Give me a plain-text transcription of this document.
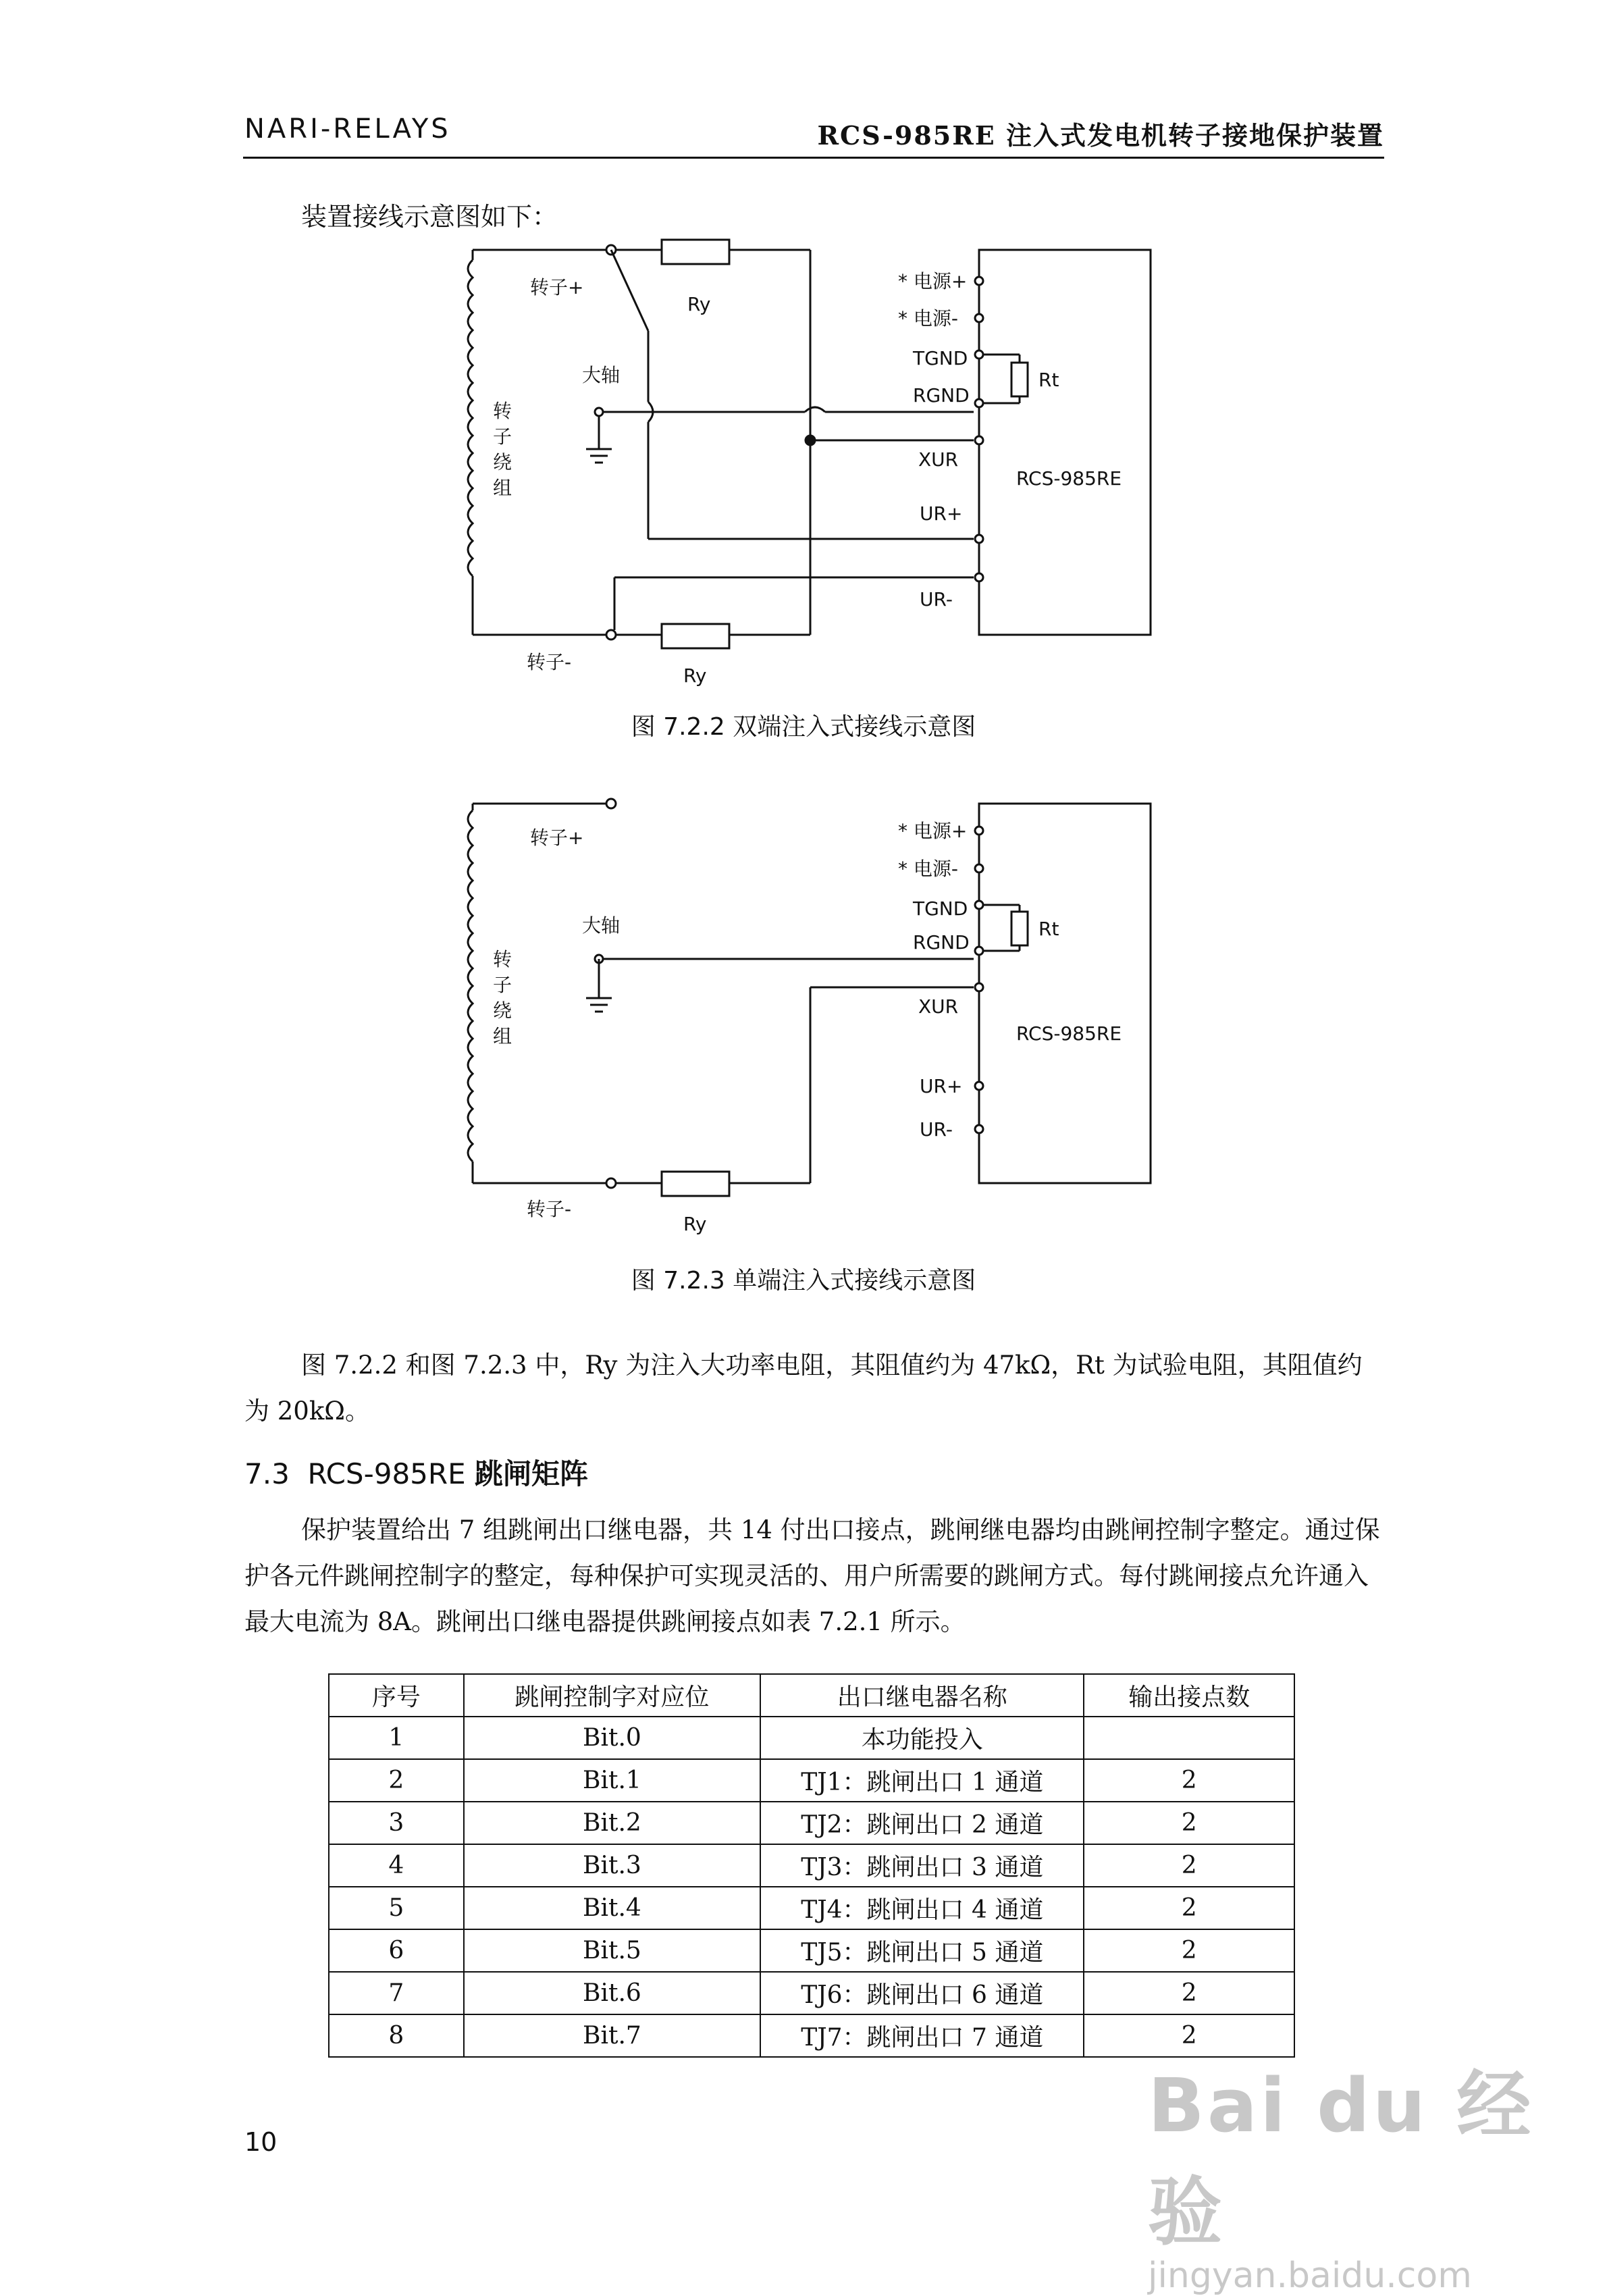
NARI-RELAYS	RCS-985RE 注入式发电机转子接地保护装置
装置接线示意图如下：
转子+
Ry
大轴
转
子
绕
组
转子-
Ry
Rt
RCS-985RE
* 电源+
* 电源-
TGND
RGND
XUR
UR+
UR-
转子+
大轴
转
子
绕
组
转子-
Ry
Rt
RCS-985RE
* 电源+
* 电源-
TGND
RGND
XUR
UR+
UR-
图 7.2.2 双端注入式接线示意图
图 7.2.3 单端注入式接线示意图
图 7.2.2 和图 7.2.3 中，Ry 为注入大功率电阻，其阻值约为 47kΩ，Rt 为试验电阻，其阻值约为 20kΩ。
7.3 RCS-985RE 跳闸矩阵
保护装置给出 7 组跳闸出口继电器，共 14 付出口接点，跳闸继电器均由跳闸控制字整定。通过保护各元件跳闸控制字的整定，每种保护可实现灵活的、用户所需要的跳闸方式。每付跳闸接点允许通入最大电流为 8A。跳闸出口继电器提供跳闸接点如表 7.2.1 所示。
序号	跳闸控制字对应位	出口继电器名称	输出接点数
1	Bit.0	本功能投入	
2	Bit.1	TJ1：跳闸出口 1 通道	2
3	Bit.2	TJ2：跳闸出口 2 通道	2
4	Bit.3	TJ3：跳闸出口 3 通道	2
5	Bit.4	TJ4：跳闸出口 4 通道	2
6	Bit.5	TJ5：跳闸出口 5 通道	2
7	Bit.6	TJ6：跳闸出口 6 通道	2
8	Bit.7	TJ7：跳闸出口 7 通道	2
10	Bai du 经验
jingyan.baidu.com
